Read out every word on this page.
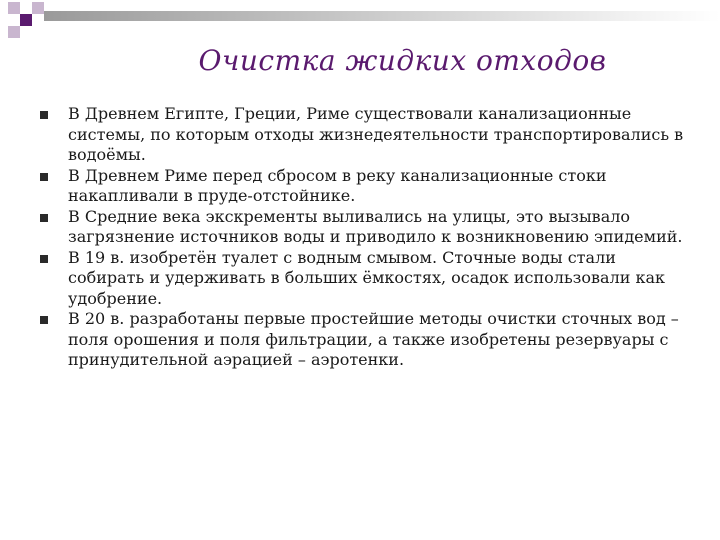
Очистка жидких отходов
В Древнем Египте, Греции, Риме существовали канализационные системы, по которым отходы жизнедеятельности транспортировались в водоёмы.
В Древнем Риме перед сбросом в реку канализационные стоки накапливали в пруде-отстойнике.
В Средние века экскременты выливались на улицы, это вызывало загрязнение источников воды и приводило к возникновению эпидемий.
В 19 в. изобретён туалет с водным смывом. Сточные воды стали собирать и удерживать в больших ёмкостях, осадок использовали как удобрение.
В 20 в. разработаны первые простейшие методы очистки сточных вод – поля орошения и поля фильтрации, а также изобретены резервуары с принудительной аэрацией – аэротенки.
